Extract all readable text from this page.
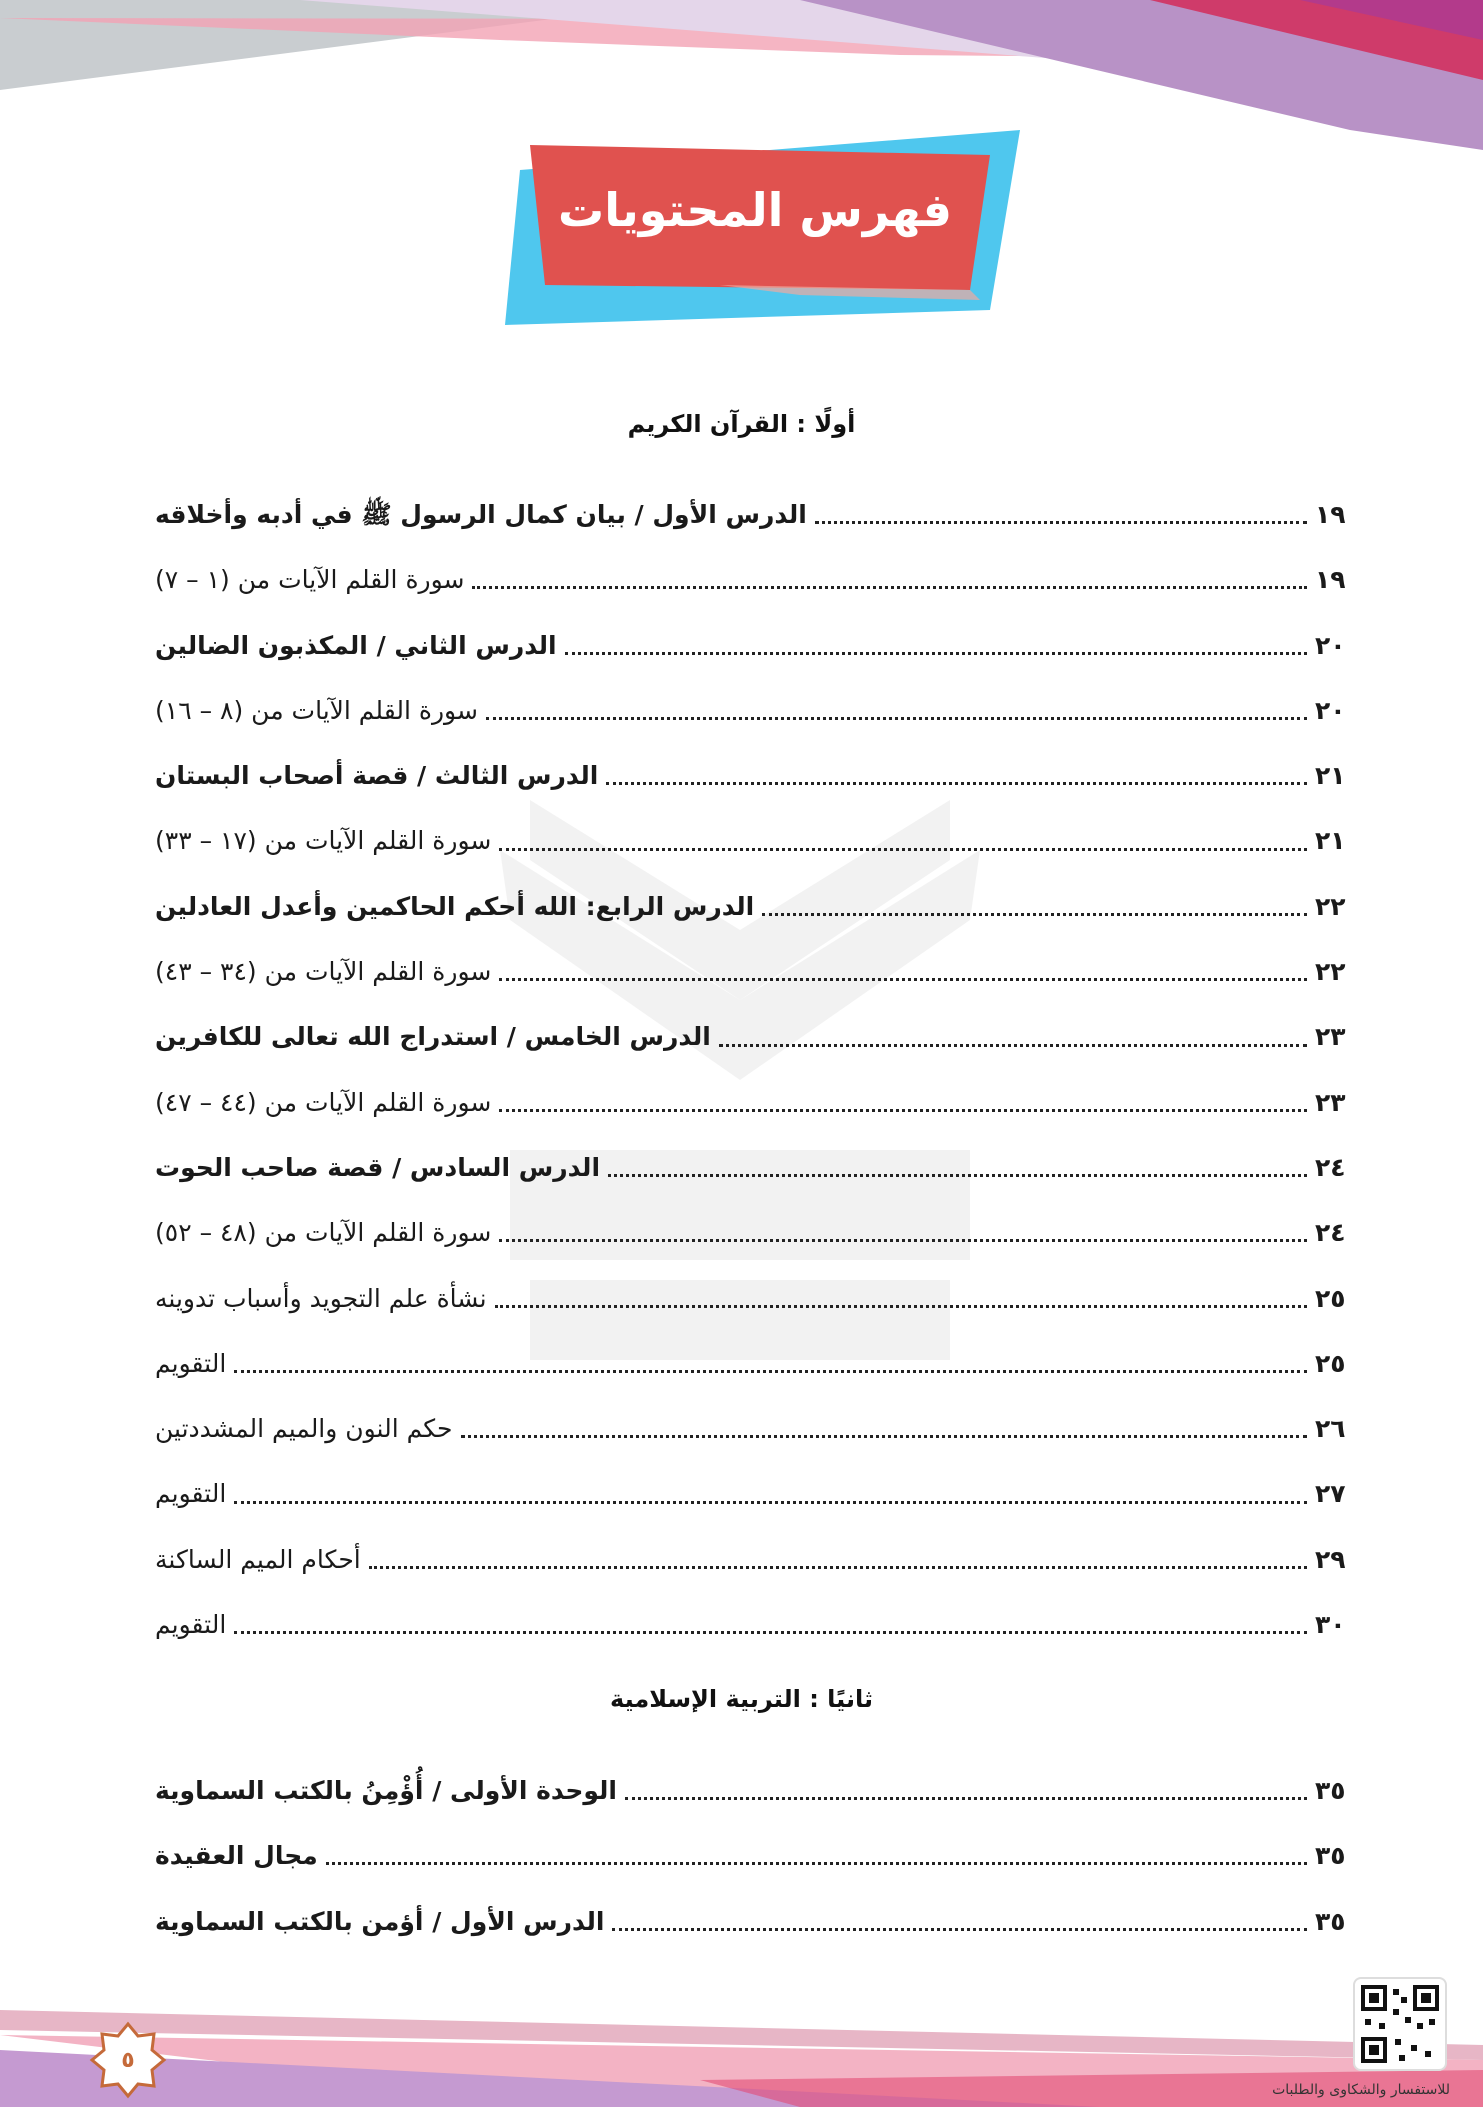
فهرس المحتويات
أولًا : القرآن الكريم
الدرس الأول / بيان كمال الرسول ﷺ في أدبه وأخلاقه	١٩
سورة القلم الآيات من (١ – ٧)	١٩
الدرس الثاني / المكذبون الضالين	٢٠
سورة القلم الآيات من (٨ – ١٦)	٢٠
الدرس الثالث / قصة أصحاب البستان	٢١
سورة القلم الآيات من (١٧ – ٣٣)	٢١
الدرس الرابع: الله أحكم الحاكمين وأعدل العادلين	٢٢
سورة القلم الآيات من (٣٤ – ٤٣)	٢٢
الدرس الخامس / استدراج الله تعالى للكافرين	٢٣
سورة القلم الآيات من (٤٤ – ٤٧)	٢٣
الدرس السادس / قصة صاحب الحوت	٢٤
سورة القلم الآيات من (٤٨ – ٥٢)	٢٤
نشأة علم التجويد وأسباب تدوينه	٢٥
التقويم	٢٥
حكم النون والميم المشددتين	٢٦
التقويم	٢٧
أحكام الميم الساكنة	٢٩
التقويم	٣٠
ثانيًا : التربية الإسلامية
الوحدة الأولى / أُؤْمِنُ بالكتب السماوية	٣٥
مجال العقيدة	٣٥
الدرس الأول / أؤمن بالكتب السماوية	٣٥
للاستفسار والشكاوى والطلبات
٥
